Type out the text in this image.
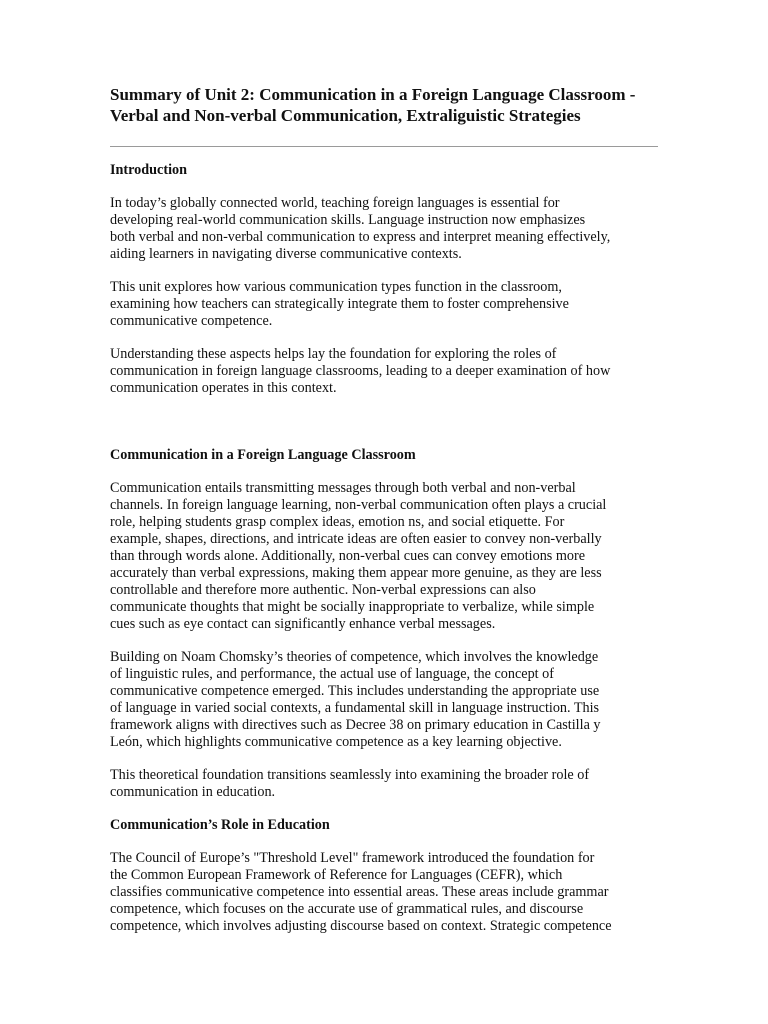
Summary of Unit 2: Communication in a Foreign Language Classroom -
Verbal and Non-verbal Communication, Extraliguistic Strategies
Introduction

In today’s globally connected world, teaching foreign languages is essential for
developing real-world communication skills. Language instruction now emphasizes
both verbal and non-verbal communication to express and interpret meaning effectively,
aiding learners in navigating diverse communicative contexts.

This unit explores how various communication types function in the classroom,
examining how teachers can strategically integrate them to foster comprehensive
communicative competence.

Understanding these aspects helps lay the foundation for exploring the roles of
communication in foreign language classrooms, leading to a deeper examination of how
communication operates in this context.

Communication in a Foreign Language Classroom

Communication entails transmitting messages through both verbal and non-verbal
channels. In foreign language learning, non-verbal communication often plays a crucial
role, helping students grasp complex ideas, emotion ns, and social etiquette. For
example, shapes, directions, and intricate ideas are often easier to convey non-verbally
than through words alone. Additionally, non-verbal cues can convey emotions more
accurately than verbal expressions, making them appear more genuine, as they are less
controllable and therefore more authentic. Non-verbal expressions can also
communicate thoughts that might be socially inappropriate to verbalize, while simple
cues such as eye contact can significantly enhance verbal messages.

Building on Noam Chomsky’s theories of competence, which involves the knowledge
of linguistic rules, and performance, the actual use of language, the concept of
communicative competence emerged. This includes understanding the appropriate use
of language in varied social contexts, a fundamental skill in language instruction. This
framework aligns with directives such as Decree 38 on primary education in Castilla y
León, which highlights communicative competence as a key learning objective.

This theoretical foundation transitions seamlessly into examining the broader role of
communication in education.

Communication’s Role in Education

The Council of Europe’s "Threshold Level" framework introduced the foundation for
the Common European Framework of Reference for Languages (CEFR), which
classifies communicative competence into essential areas. These areas include grammar
competence, which focuses on the accurate use of grammatical rules, and discourse
competence, which involves adjusting discourse based on context. Strategic competence
